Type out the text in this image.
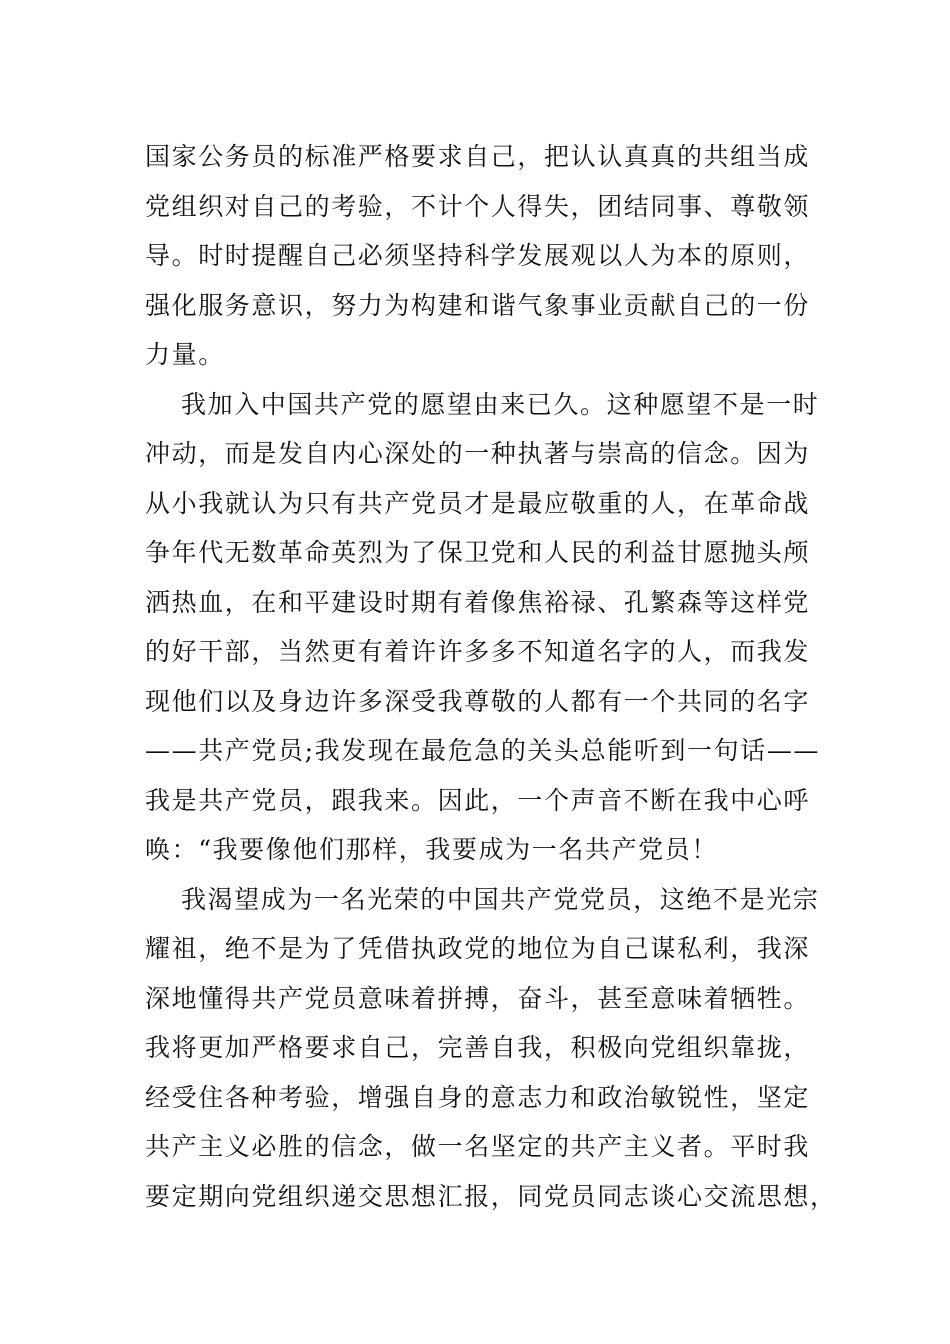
国家公务员的标准严格要求自己，把认认真真的共组当成
党组织对自己的考验，不计个人得失，团结同事、尊敬领
导。时时提醒自己必须坚持科学发展观以人为本的原则，
强化服务意识，努力为构建和谐气象事业贡献自己的一份
力量。
我加入中国共产党的愿望由来已久。这种愿望不是一时
冲动，而是发自内心深处的一种执著与崇高的信念。因为
从小我就认为只有共产党员才是最应敬重的人，在革命战
争年代无数革命英烈为了保卫党和人民的利益甘愿抛头颅
洒热血，在和平建设时期有着像焦裕禄、孔繁森等这样党
的好干部，当然更有着许许多多不知道名字的人，而我发
现他们以及身边许多深受我尊敬的人都有一个共同的名字
——共产党员;我发现在最危急的关头总能听到一句话——
我是共产党员，跟我来。因此，一个声音不断在我中心呼
唤：“我要像他们那样，我要成为一名共产党员！
我渴望成为一名光荣的中国共产党党员，这绝不是光宗
耀祖，绝不是为了凭借执政党的地位为自己谋私利，我深
深地懂得共产党员意味着拼搏，奋斗，甚至意味着牺牲。
我将更加严格要求自己，完善自我，积极向党组织靠拢，
经受住各种考验，增强自身的意志力和政治敏锐性，坚定
共产主义必胜的信念，做一名坚定的共产主义者。平时我
要定期向党组织递交思想汇报，同党员同志谈心交流思想，
